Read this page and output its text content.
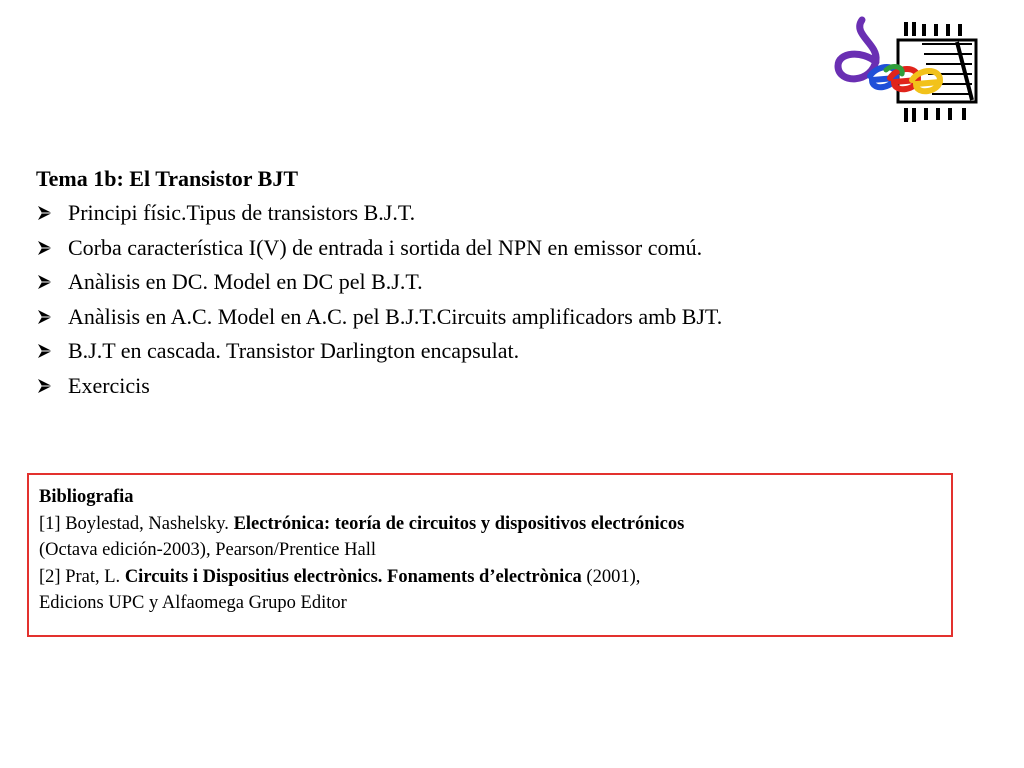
Tema 1b: El Transistor BJT
Principi físic.Tipus de transistors B.J.T.
Corba característica I(V) de entrada i sortida del NPN en emissor comú.
Anàlisis en DC. Model en DC pel B.J.T.
Anàlisis en A.C. Model en A.C. pel B.J.T.Circuits amplificadors amb BJT.
B.J.T en cascada. Transistor Darlington encapsulat.
Exercicis
Bibliografia
[1] Boylestad, Nashelsky. Electrónica: teoría de circuitos y dispositivos electrónicos
(Octava edición-2003), Pearson/Prentice Hall
[2] Prat, L. Circuits i Dispositius electrònics. Fonaments d’electrònica (2001),
Edicions UPC y Alfaomega Grupo Editor
